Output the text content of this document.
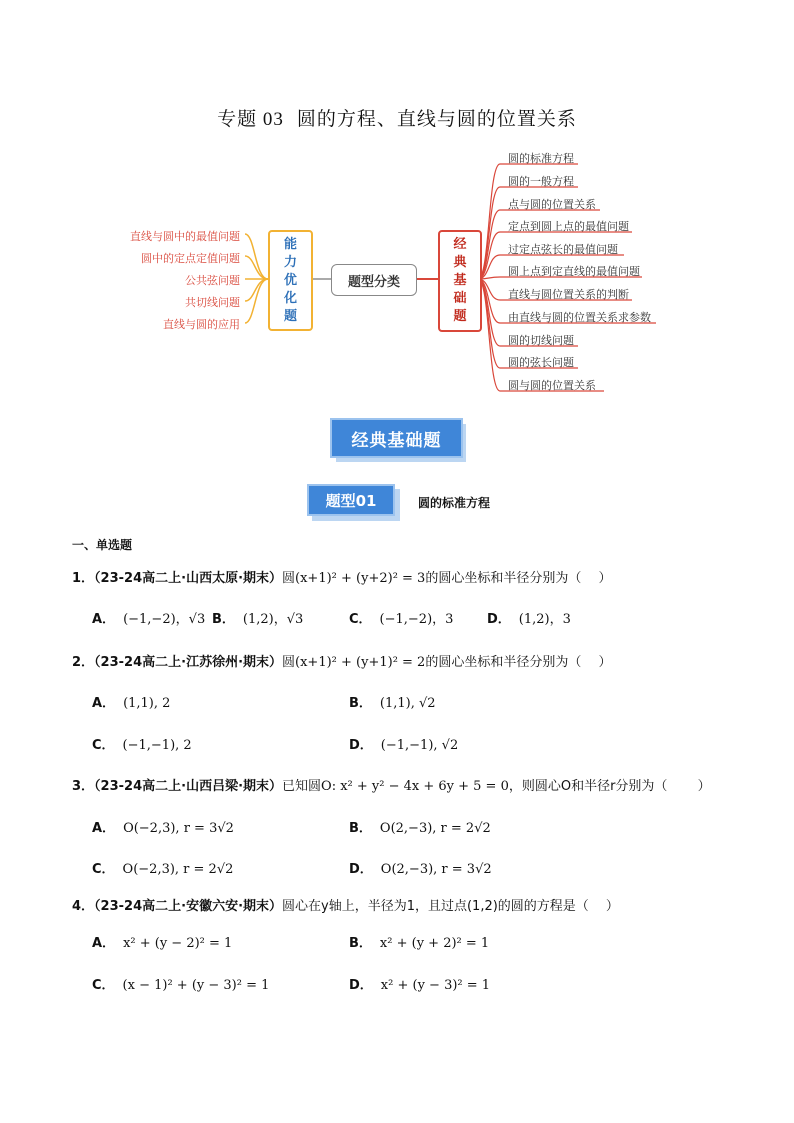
专题 03 圆的方程、直线与圆的位置关系
直线与圆中的最值问题
圆中的定点定值问题
公共弦问题
共切线问题
直线与圆的应用
能
力
优
化
题
题型分类
经
典
基
础
题
圆的标准方程
圆的一般方程
点与圆的位置关系
定点到圆上点的最值问题
过定点弦长的最值问题
圆上点到定直线的最值问题
直线与圆位置关系的判断
由直线与圆的位置关系求参数
圆的切线问题
圆的弦长问题
圆与圆的位置关系
经典基础题
题型01	圆的标准方程
一、单选题
1．（23-24高二上·山西太原·期末）圆(x+1)² + (y+2)² = 3的圆心坐标和半径分别为（　 ）
A． (−1,−2)，√3 B． (1,2)，√3	C． (−1,−2)，3	D． (1,2)，3
2．（23-24高二上·江苏徐州·期末）圆(x+1)² + (y+1)² = 2的圆心坐标和半径分别为（　 ）
A． (1,1), 2	B． (1,1), √2
C． (−1,−1), 2	D． (−1,−1), √2
3．（23-24高二上·山西吕梁·期末）已知圆O: x² + y² − 4x + 6y + 5 = 0，则圆心O和半径r分别为（　　 ）
A． O(−2,3), r = 3√2	B． O(2,−3), r = 2√2
C． O(−2,3), r = 2√2	D． O(2,−3), r = 3√2
4．（23-24高二上·安徽六安·期末）圆心在y轴上，半径为1，且过点(1,2)的圆的方程是（　 ）
A． x² + (y − 2)² = 1	B． x² + (y + 2)² = 1
C． (x − 1)² + (y − 3)² = 1	D． x² + (y − 3)² = 1
